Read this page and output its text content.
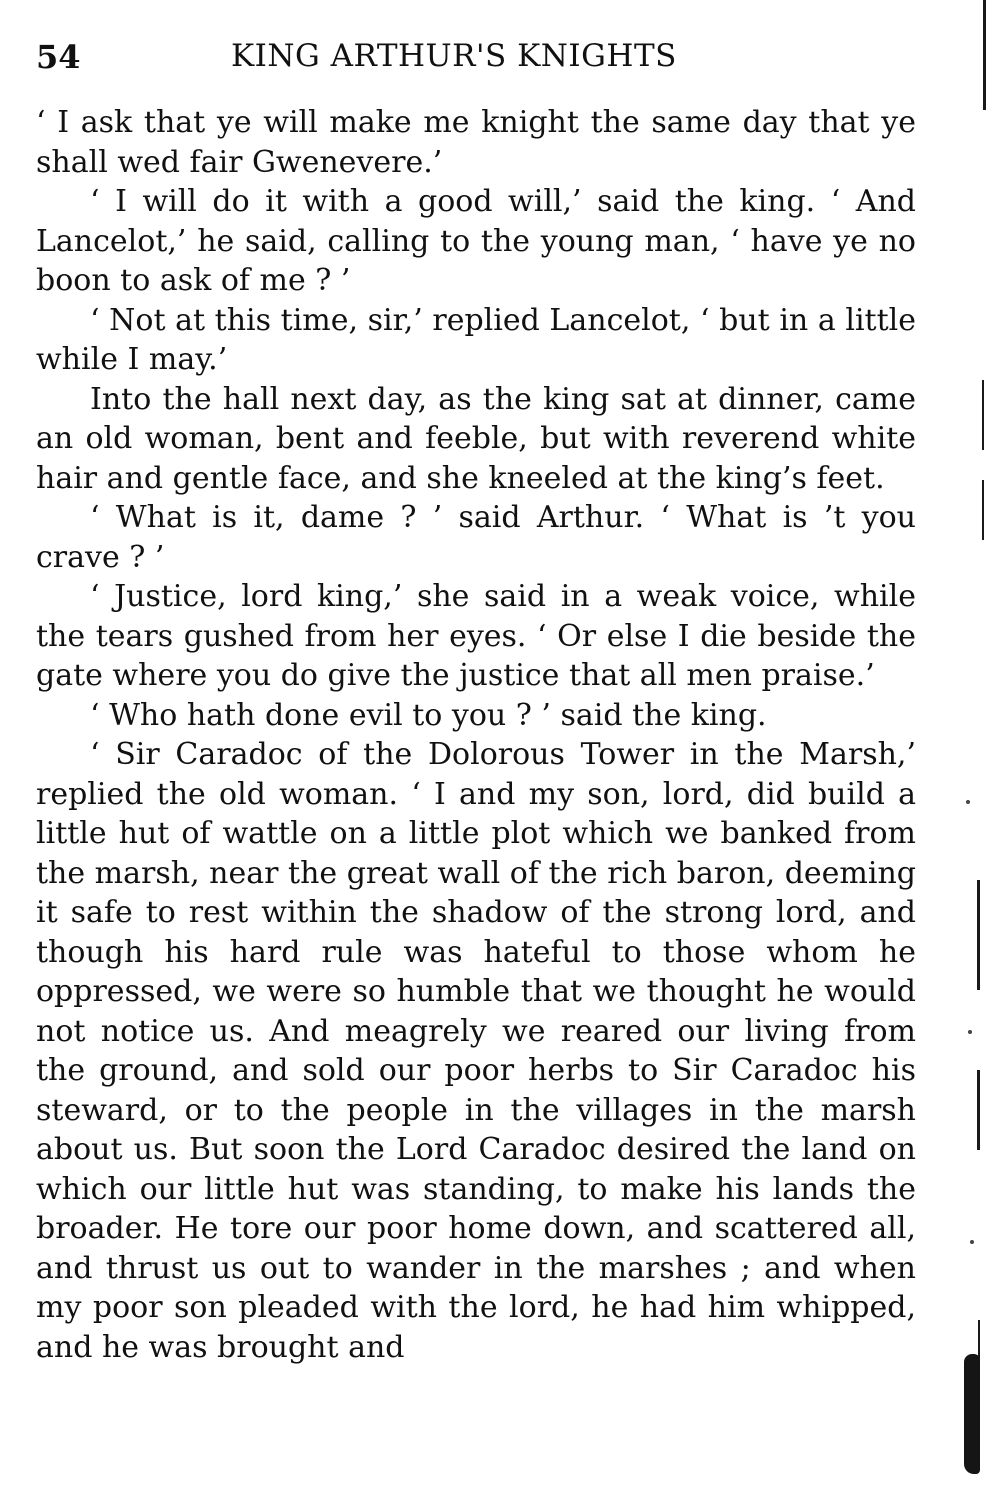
54	KING ARTHUR'S KNIGHTS

‘ I ask that ye will make me knight the same day that ye shall wed fair Gwenevere.’

‘ I will do it with a good will,’ said the king. ‘ And Lancelot,’ he said, calling to the young man, ‘ have ye no boon to ask of me ? ’

‘ Not at this time, sir,’ replied Lancelot, ‘ but in a little while I may.’

Into the hall next day, as the king sat at dinner, came an old woman, bent and feeble, but with reverend white hair and gentle face, and she kneeled at the king’s feet.

‘ What is it, dame ? ’ said Arthur. ‘ What is ’t you crave ? ’

‘ Justice, lord king,’ she said in a weak voice, while the tears gushed from her eyes. ‘ Or else I die beside the gate where you do give the justice that all men praise.’

‘ Who hath done evil to you ? ’ said the king.

‘ Sir Caradoc of the Dolorous Tower in the Marsh,’ replied the old woman. ‘ I and my son, lord, did build a little hut of wattle on a little plot which we banked from the marsh, near the great wall of the rich baron, deeming it safe to rest within the shadow of the strong lord, and though his hard rule was hateful to those whom he oppressed, we were so humble that we thought he would not notice us. And meagrely we reared our living from the ground, and sold our poor herbs to Sir Caradoc his steward, or to the people in the villages in the marsh about us. But soon the Lord Caradoc desired the land on which our little hut was standing, to make his lands the broader. He tore our poor home down, and scattered all, and thrust us out to wander in the marshes ; and when my poor son pleaded with the lord, he had him whipped, and he was brought and
